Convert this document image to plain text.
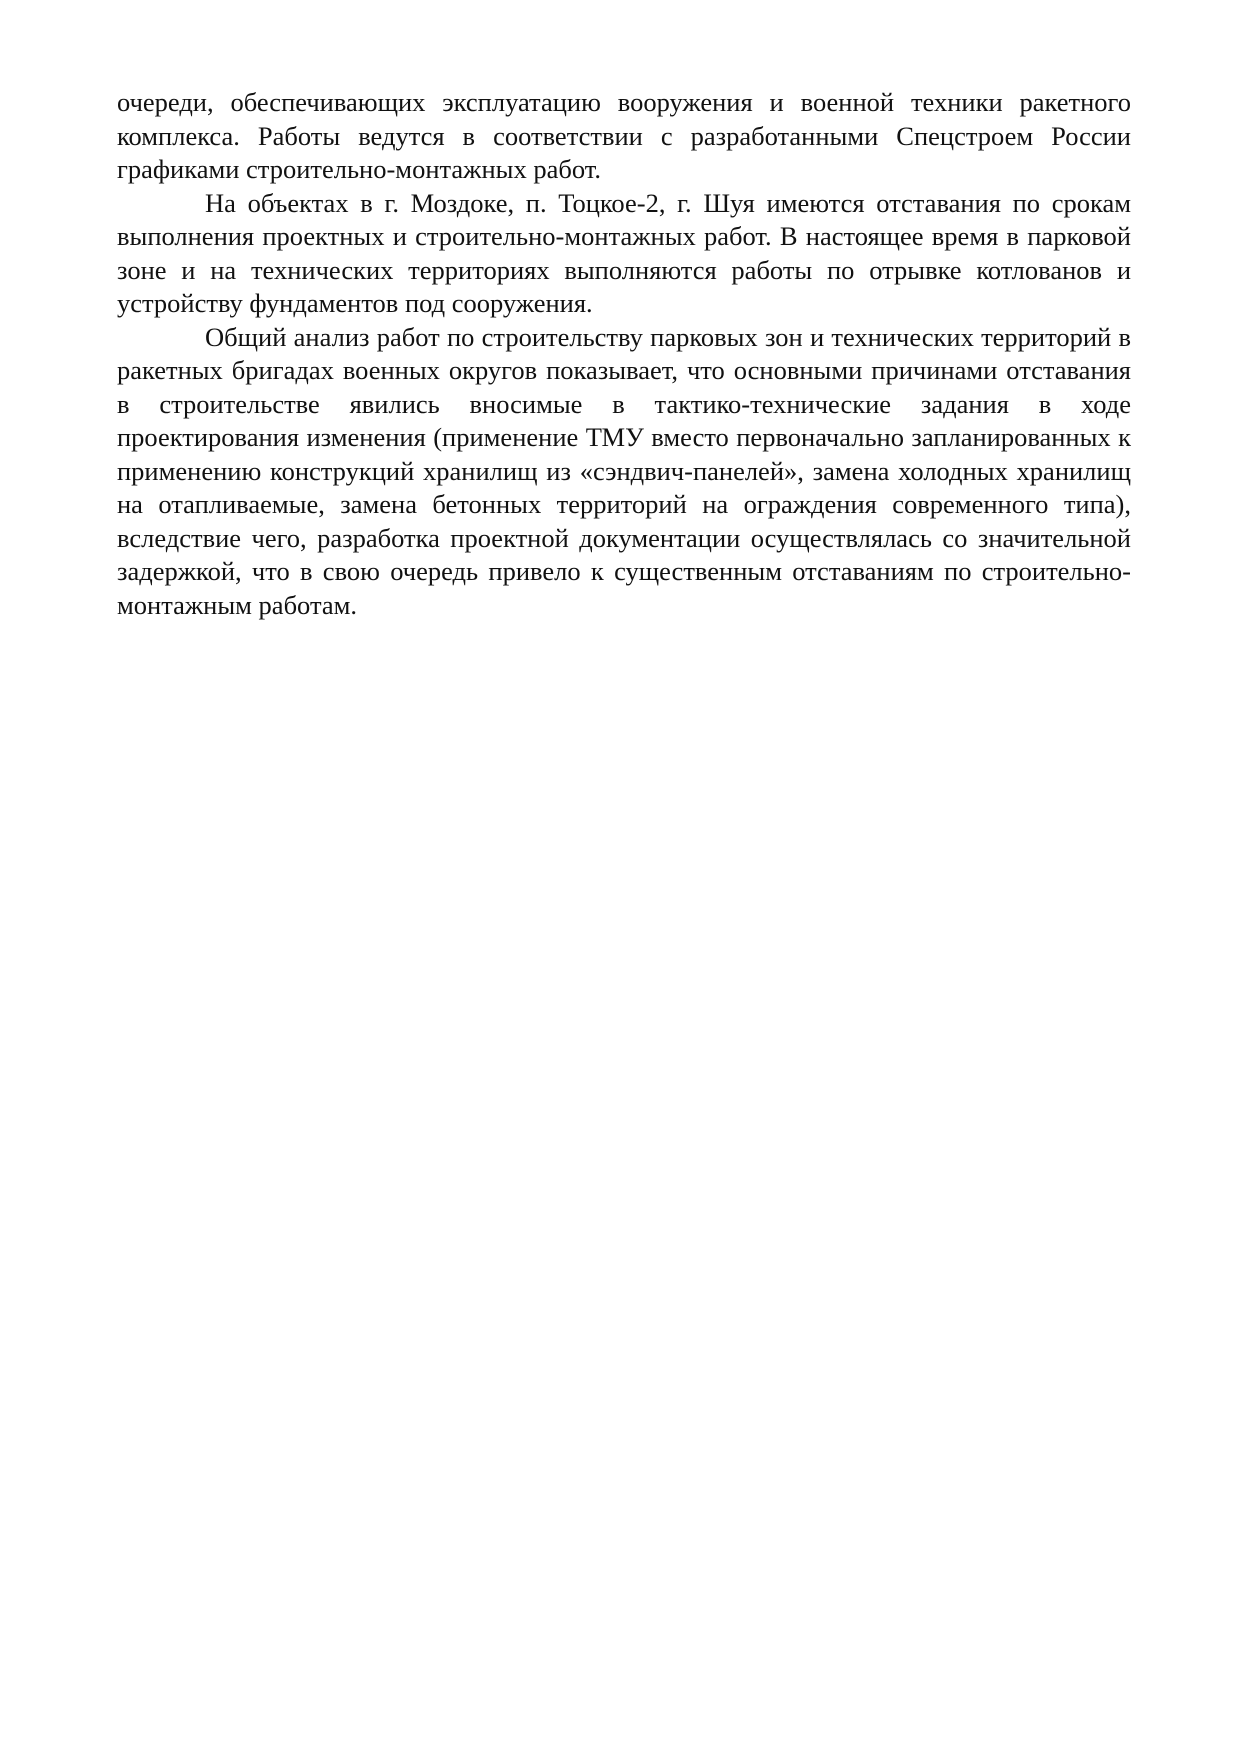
очереди, обеспечивающих эксплуатацию вооружения и военной техники ракетного комплекса. Работы ведутся в соответствии с разработанными Спецстроем России графиками строительно-монтажных работ.

На объектах в г. Моздоке, п. Тоцкое-2, г. Шуя имеются отставания по срокам выполнения проектных и строительно-монтажных работ. В настоящее время в парковой зоне и на технических территориях выполняются работы по отрывке котлованов и устройству фундаментов под сооружения.

Общий анализ работ по строительству парковых зон и технических территорий в ракетных бригадах военных округов показывает, что основными причинами отставания в строительстве явились вносимые в тактико-технические задания в ходе проектирования изменения (применение ТМУ вместо первоначально запланированных к применению конструкций хранилищ из «сэндвич-панелей», замена холодных хранилищ на отапливаемые, замена бетонных территорий на ограждения современного типа), вследствие чего, разработка проектной документации осуществлялась со значительной задержкой, что в свою очередь привело к существенным отставаниям по строительно-монтажным работам.
